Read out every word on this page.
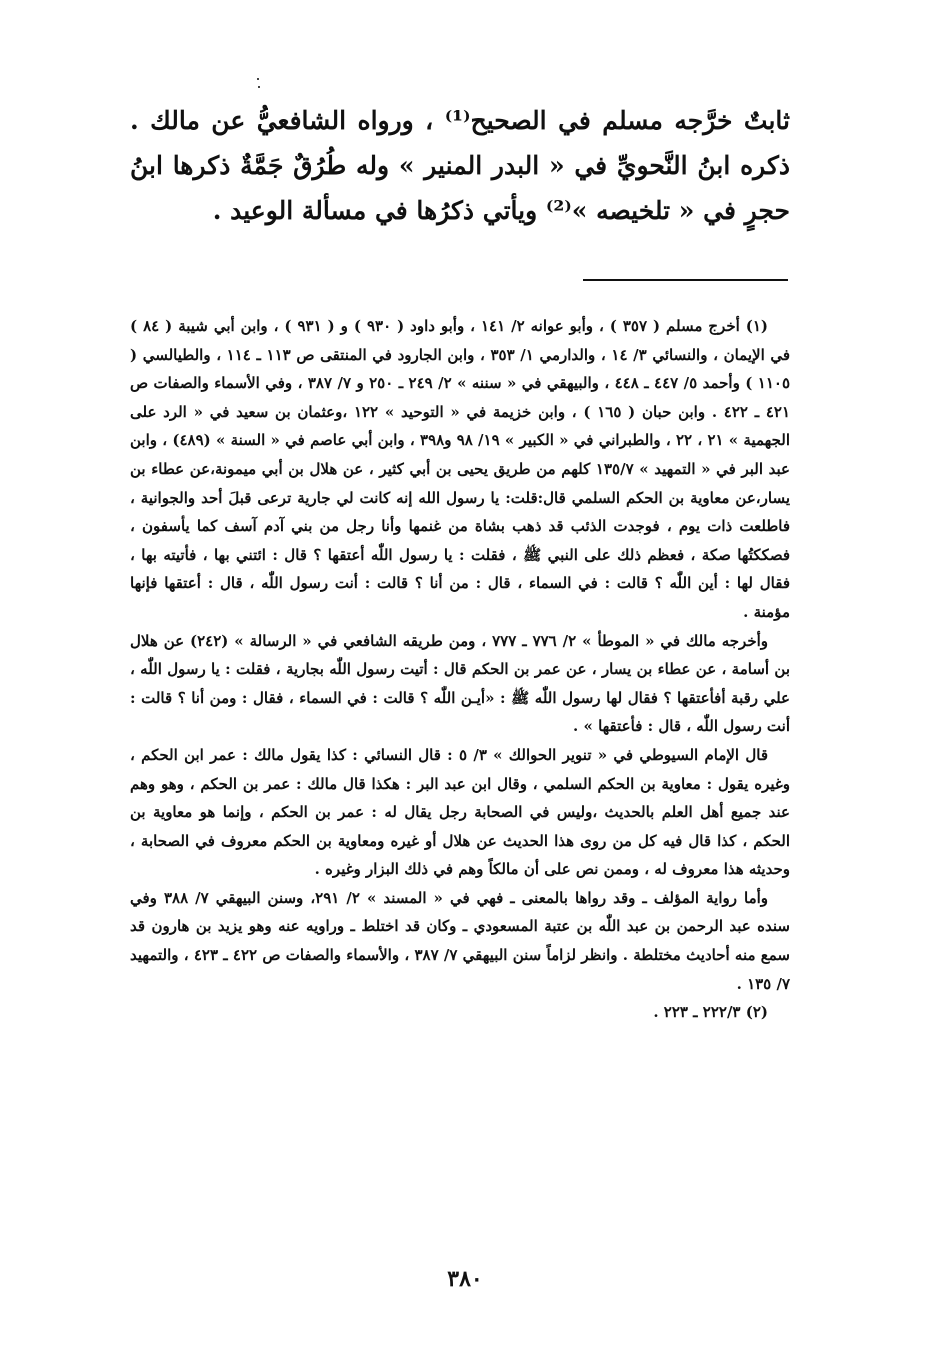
ثابتٌ خرَّجه مسلم في الصحيح⁽¹⁾ ، ورواه الشافعيُّ عن مالك . ذكره ابنُ النَّحويِّ في « البدر المنير » وله طُرُقٌ جَمَّةٌ ذكرها ابنُ حجرٍ في « تلخيصه »⁽²⁾ ويأتي ذكرُها في مسألة الوعيد .

(١) أخرج مسلم ( ٣٥٧ ) ، وأبو عوانه ٢/ ١٤١ ، وأبو داود ( ٩٣٠ ) و ( ٩٣١ ) ، وابن أبي شيبة ( ٨٤ ) في الإيمان ، والنسائي ٣/ ١٤ ، والدارمي ١/ ٣٥٣ ، وابن الجارود في المنتقى ص ١١٣ ـ ١١٤ ، والطيالسي ( ١١٠٥ ) وأحمد ٥/ ٤٤٧ ـ ٤٤٨ ، والبيهقي في « سننه » ٢/ ٢٤٩ ـ ٢٥٠ و ٧/ ٣٨٧ ، وفي الأسماء والصفات ص ٤٢١ ـ ٤٢٢ . وابن حبان ( ١٦٥ ) ، وابن خزيمة في « التوحيد » ١٢٢ ،وعثمان بن سعيد في « الرد على الجهمية » ٢١ ، ٢٢ ، والطبراني في « الكبير » ١٩/ ٩٨ و٣٩٨ ، وابن أبي عاصم في « السنة » (٤٨٩) ، وابن عبد البر في « التمهيد » ١٣٥/٧ كلهم من طريق يحيى بن أبي كثير ، عن هلال بن أبي ميمونة،عن عطاء بن يسار،عن معاوية بن الحكم السلمي قال:قلت: يا رسول الله إنه كانت لي جارية ترعى قبلَ أحد والجوانية ، فاطلعت ذات يوم ، فوجدت الذئب قد ذهب بشاة من غنمها وأنا رجل من بني آدم آسف كما يأسفون ، فصككتُها صكة ، فعظم ذلك على النبي ﷺ ، فقلت : يا رسول اللّٰه أعتقها ؟ قال : ائتني بها ، فأتيته بها ، فقال لها : أين اللّٰه ؟ قالت : في السماء ، قال : من أنا ؟ قالت : أنت رسول اللّٰه ، قال : أعتقها فإنها مؤمنة .

وأخرجه مالك في « الموطأ » ٢/ ٧٧٦ ـ ٧٧٧ ، ومن طريقه الشافعي في « الرسالة » (٢٤٢) عن هلال بن أسامة ، عن عطاء بن يسار ، عن عمر بن الحكم قال : أتيت رسول اللّٰه بجارية ، فقلت : يا رسول اللّٰه ، علي رقبة أفأعتقها ؟ فقال لها رسول اللّٰه ﷺ : «أيـن اللّٰه ؟ قالت : في السماء ، فقال : ومن أنا ؟ قالت : أنت رسول اللّٰه ، قال : فأعتقها » .

قال الإمام السيوطي في « تنوير الحوالك » ٣/ ٥ : قال النسائي : كذا يقول مالك : عمر ابن الحكم ، وغيره يقول : معاوية بن الحكم السلمي ، وقال ابن عبد البر : هكذا قال مالك : عمر بن الحكم ، وهو وهم عند جميع أهل العلم بالحديث ،وليس في الصحابة رجل يقال له : عمر بن الحكم ، وإنما هو معاوية بن الحكم ، كذا قال فيه كل من روى هذا الحديث عن هلال أو غيره ومعاوية بن الحكم معروف في الصحابة ، وحديثه هذا معروف له ، وممن نص على أن مالكاً وهم في ذلك البزار وغيره .

وأما رواية المؤلف ـ وقد رواها بالمعنى ـ فهي في « المسند » ٢/ ٢٩١، وسنن البيهقي ٧/ ٣٨٨ وفي سنده عبد الرحمن بن عبد اللّٰه بن عتبة المسعودي ـ وكان قد اختلط ـ وراويه عنه وهو يزيد بن هارون قد سمع منه أحاديث مختلطة . وانظر لزاماً سنن البيهقي ٧/ ٣٨٧ ، والأسماء والصفات ص ٤٢٢ ـ ٤٢٣ ، والتمهيد ٧/ ١٣٥ .

(٢) ٢٢٢/٣ ـ ٢٢٣ .

٣٨٠
